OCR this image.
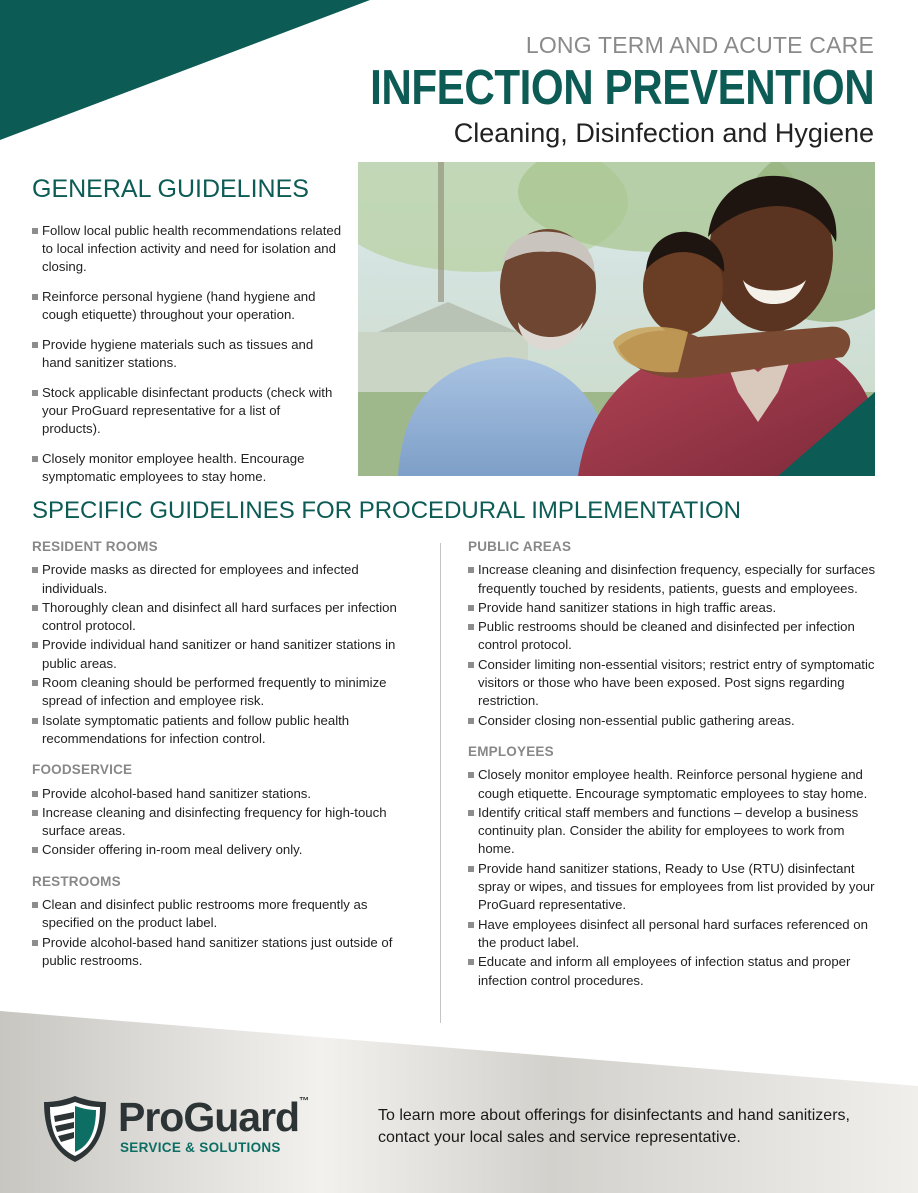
LONG TERM AND ACUTE CARE
INFECTION PREVENTION
Cleaning, Disinfection and Hygiene
GENERAL GUIDELINES
Follow local public health recommendations related to local infection activity and need for isolation and closing.
Reinforce personal hygiene (hand hygiene and cough etiquette) throughout your operation.
Provide hygiene materials such as tissues and hand sanitizer stations.
Stock applicable disinfectant products (check with your ProGuard representative for a list of products).
Closely monitor employee health. Encourage symptomatic employees to stay home.
SPECIFIC GUIDELINES FOR PROCEDURAL IMPLEMENTATION
RESIDENT ROOMS
Provide masks as directed for employees and infected individuals.
Thoroughly clean and disinfect all hard surfaces per infection control protocol.
Provide individual hand sanitizer or hand sanitizer stations in public areas.
Room cleaning should be performed frequently to minimize spread of infection and employee risk.
Isolate symptomatic patients and follow public health recommendations for infection control.
FOODSERVICE
Provide alcohol-based hand sanitizer stations.
Increase cleaning and disinfecting frequency for high-touch surface areas.
Consider offering in-room meal delivery only.
RESTROOMS
Clean and disinfect public restrooms more frequently as specified on the product label.
Provide alcohol-based hand sanitizer stations just outside of public restrooms.
PUBLIC AREAS
Increase cleaning and disinfection frequency, especially for surfaces frequently touched by residents, patients, guests and employees.
Provide hand sanitizer stations in high traffic areas.
Public restrooms should be cleaned and disinfected per infection control protocol.
Consider limiting non-essential visitors; restrict entry of symptomatic visitors or those who have been exposed. Post signs regarding restriction.
Consider closing non-essential public gathering areas.
EMPLOYEES
Closely monitor employee health. Reinforce personal hygiene and cough etiquette. Encourage symptomatic employees to stay home.
Identify critical staff members and functions – develop a business continuity plan. Consider the ability for employees to work from home.
Provide hand sanitizer stations, Ready to Use (RTU) disinfectant spray or wipes, and tissues for employees from list provided by your ProGuard representative.
Have employees disinfect all personal hard surfaces referenced on the product label.
Educate and inform all employees of infection status and proper infection control procedures.
ProGuard™
SERVICE & SOLUTIONS
To learn more about offerings for disinfectants and hand sanitizers, contact your local sales and service representative.
